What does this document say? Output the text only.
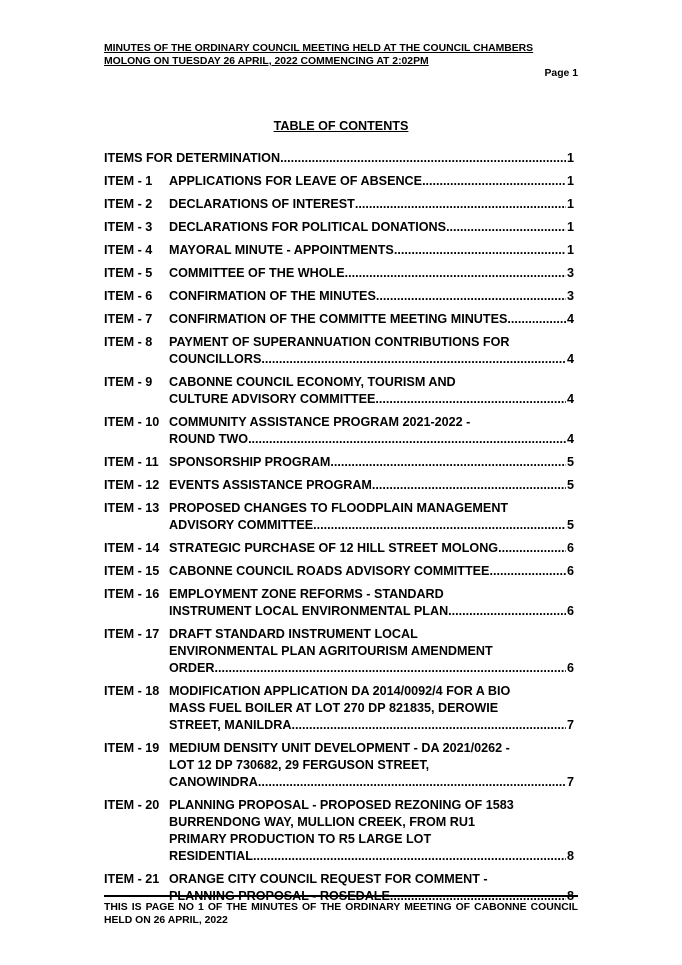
MINUTES OF THE ORDINARY COUNCIL MEETING HELD AT THE COUNCIL CHAMBERS
MOLONG ON TUESDAY 26 APRIL, 2022 COMMENCING AT 2:02PM
Page 1
TABLE OF CONTENTS
ITEMS FOR DETERMINATION .....	1
ITEM - 1	APPLICATIONS FOR LEAVE OF ABSENCE .....	1
ITEM - 2	DECLARATIONS OF INTEREST .....	1
ITEM - 3	DECLARATIONS FOR POLITICAL DONATIONS .....	1
ITEM - 4	MAYORAL MINUTE - APPOINTMENTS .....	1
ITEM - 5	COMMITTEE OF THE WHOLE .....	3
ITEM - 6	CONFIRMATION OF THE MINUTES .....	3
ITEM - 7	CONFIRMATION OF THE COMMITTE MEETING MINUTES .....	4
ITEM - 8	PAYMENT OF SUPERANNUATION CONTRIBUTIONS FOR
COUNCILLORS .....	4
ITEM - 9	CABONNE COUNCIL ECONOMY, TOURISM AND
CULTURE ADVISORY COMMITTEE .....	4
ITEM - 10 COMMUNITY ASSISTANCE PROGRAM 2021-2022 -
ROUND TWO .....	4
ITEM - 11 SPONSORSHIP PROGRAM .....	5
ITEM - 12 EVENTS ASSISTANCE PROGRAM .....	5
ITEM - 13 PROPOSED CHANGES TO FLOODPLAIN MANAGEMENT
ADVISORY COMMITTEE .....	5
ITEM - 14 STRATEGIC PURCHASE OF 12 HILL STREET MOLONG .....	6
ITEM - 15 CABONNE COUNCIL ROADS ADVISORY COMMITTEE .....	6
ITEM - 16 EMPLOYMENT ZONE REFORMS - STANDARD
INSTRUMENT LOCAL ENVIRONMENTAL PLAN .....	6
ITEM - 17 DRAFT STANDARD INSTRUMENT LOCAL
ENVIRONMENTAL PLAN AGRITOURISM AMENDMENT
ORDER .....	6
ITEM - 18 MODIFICATION APPLICATION DA 2014/0092/4 FOR A BIO
MASS FUEL BOILER AT LOT 270 DP 821835, DEROWIE
STREET, MANILDRA .....	7
ITEM - 19 MEDIUM DENSITY UNIT DEVELOPMENT - DA 2021/0262 -
LOT 12 DP 730682, 29 FERGUSON STREET,
CANOWINDRA .....	7
ITEM - 20 PLANNING PROPOSAL - PROPOSED REZONING OF 1583
BURRENDONG WAY, MULLION CREEK, FROM RU1
PRIMARY PRODUCTION TO R5 LARGE LOT
RESIDENTIAL. .....	8
ITEM - 21 ORANGE CITY COUNCIL REQUEST FOR COMMENT -
PLANNING PROPOSAL - ROSEDALE .....	8
THIS IS PAGE NO 1 OF THE MINUTES OF THE ORDINARY MEETING OF CABONNE COUNCIL HELD ON 26 APRIL, 2022
